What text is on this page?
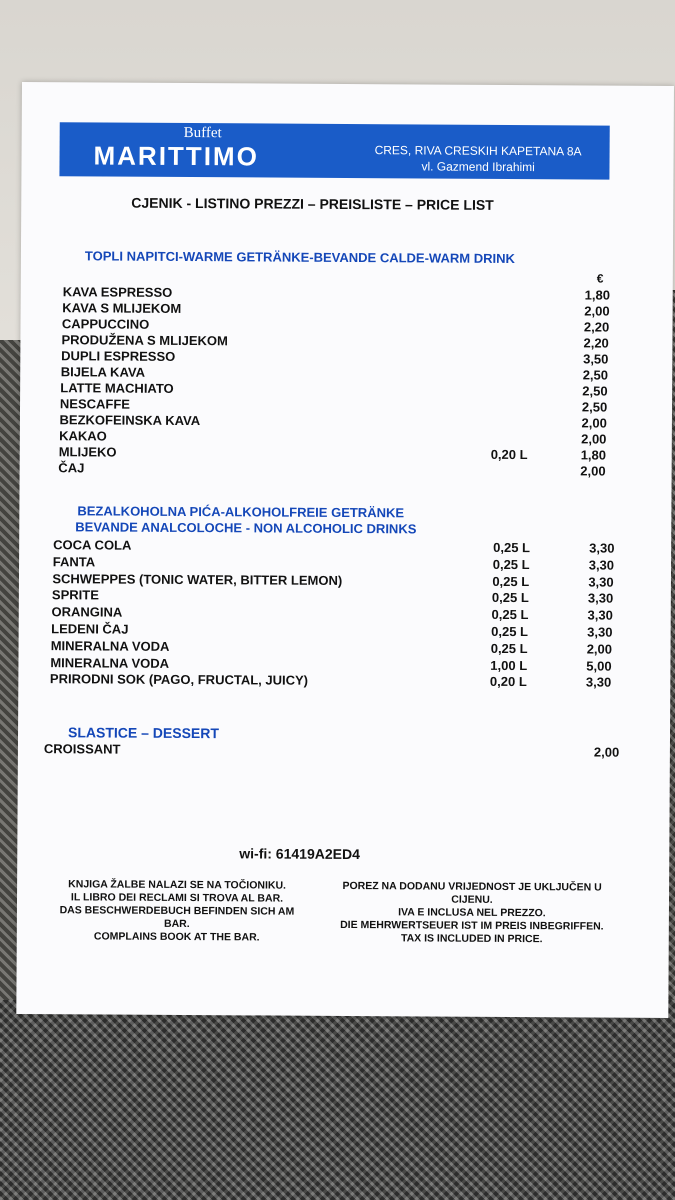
Buffet
MARITTIMO	CRES, RIVA CRESKIH KAPETANA 8A
vl. Gazmend Ibrahimi
CJENIK - LISTINO PREZZI – PREISLISTE – PRICE LIST
TOPLI NAPITCI-WARME GETRÄNKE-BEVANDE CALDE-WARM DRINK
€
KAVA ESPRESSO	1,80
KAVA S MLIJEKOM	2,00
CAPPUCCINO	2,20
PRODUŽENA S MLIJEKOM	2,20
DUPLI ESPRESSO	3,50
BIJELA KAVA	2,50
LATTE MACHIATO	2,50
NESCAFFE	2,50
BEZKOFEINSKA KAVA	2,00
KAKAO	2,00
MLIJEKO	0,20 L	1,80
ČAJ	2,00
BEZALKOHOLNA PIĆA-ALKOHOLFREIE GETRÄNKE
BEVANDE ANALCOLOCHE - NON ALCOHOLIC DRINKS
COCA COLA	0,25 L	3,30
FANTA	0,25 L	3,30
SCHWEPPES (TONIC WATER, BITTER LEMON)	0,25 L	3,30
SPRITE	0,25 L	3,30
ORANGINA	0,25 L	3,30
LEDENI ČAJ	0,25 L	3,30
MINERALNA VODA	0,25 L	2,00
MINERALNA VODA	1,00 L	5,00
PRIRODNI SOK (PAGO, FRUCTAL, JUICY)	0,20 L	3,30
SLASTICE – DESSERT
CROISSANT	2,00
wi-fi: 61419A2ED4
KNJIGA ŽALBE NALAZI SE NA TOČIONIKU.
IL LIBRO DEI RECLAMI SI TROVA AL BAR.
DAS BESCHWERDEBUCH BEFINDEN SICH AM
BAR.
COMPLAINS BOOK AT THE BAR.
POREZ NA DODANU VRIJEDNOST JE UKLJUČEN U
CIJENU.
IVA E INCLUSA NEL PREZZO.
DIE MEHRWERTSEUER IST IM PREIS INBEGRIFFEN.
TAX IS INCLUDED IN PRICE.
